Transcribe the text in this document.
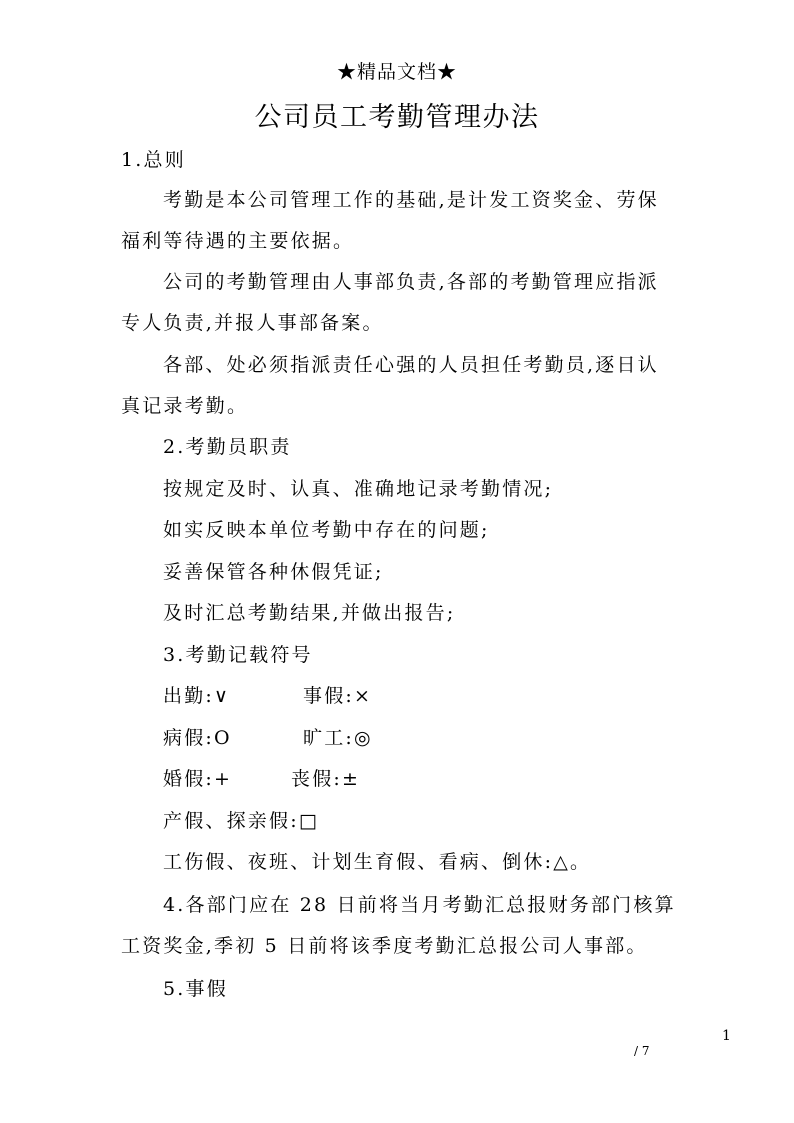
★精品文档★
公司员工考勤管理办法
1.总则
考勤是本公司管理工作的基础,是计发工资奖金、劳保
福利等待遇的主要依据。
公司的考勤管理由人事部负责,各部的考勤管理应指派
专人负责,并报人事部备案。
各部、处必须指派责任心强的人员担任考勤员,逐日认
真记录考勤。
2.考勤员职责
按规定及时、认真、准确地记录考勤情况;
如实反映本单位考勤中存在的问题;
妥善保管各种休假凭证;
及时汇总考勤结果,并做出报告;
3.考勤记载符号
出勤:∨	事假:×
病假:O	旷工:◎
婚假:+	丧假:±
产假、探亲假:□
工伤假、夜班、计划生育假、看病、倒休:△。
4.各部门应在 28 日前将当月考勤汇总报财务部门核算
工资奖金,季初 5 日前将该季度考勤汇总报公司人事部。
5.事假
1
/ 7
